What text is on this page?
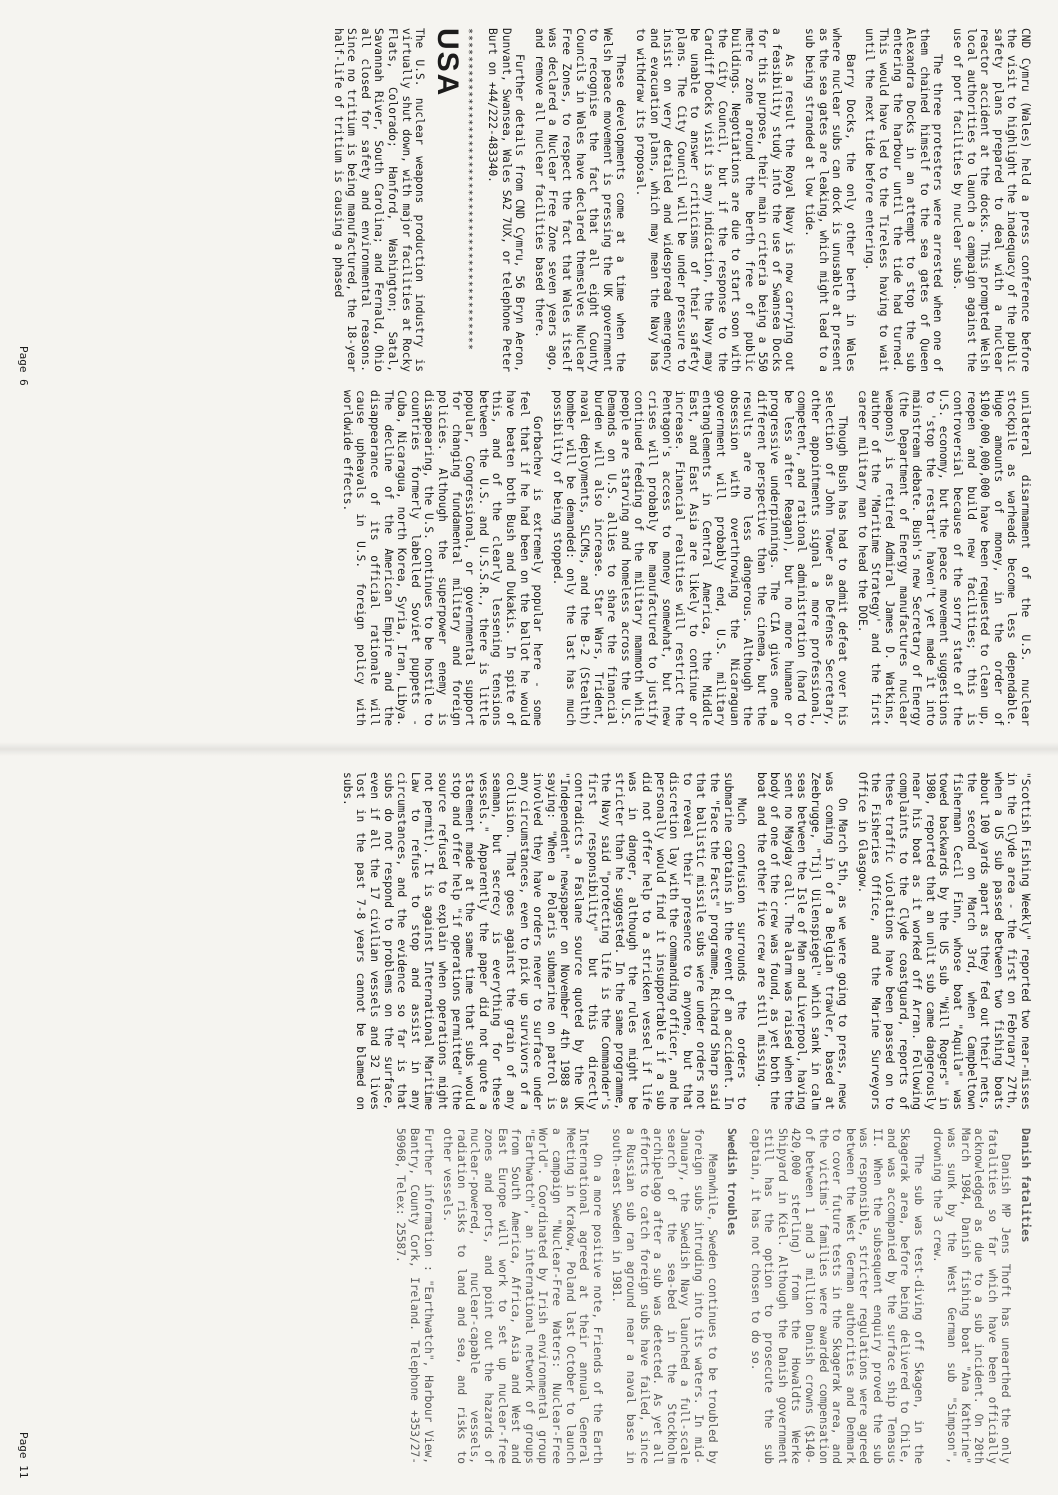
CND Cymru (Wales) held a press conference before the visit to highlight the inadequacy of the public safety plans prepared to deal with a nuclear reactor accident at the docks. This prompted Welsh local authorities to launch a campaign against the use of port facilities by nuclear subs.

The three protesters were arrested when one of them chained himself to the sea gates of Queen Alexandra Docks in an attempt to stop the sub entering the harbour until the tide had turned. This would have led to the Tireless having to wait until the next tide before entering.

Barry Docks, the only other berth in Wales where nuclear subs can dock is unusable at present as the sea gates are leaking, which might lead to a sub being stranded at low tide.

As a result the Royal Navy is now carrying out a feasibility study into the use of Swansea Docks for this purpose, their main criteria being a 550 metre zone around the berth free of public buildings. Negotiations are due to start soon with the City Council, but if the response to the Cardiff Docks visit is any indication, the Navy may be unable to answer criticisms of their safety plans. The City Council will be under pressure to insist on very detailed and widespread emergency and evacuation plans, which may mean the Navy has to withdraw its proposal.

These developments come at a time when the Welsh peace movement is pressing the UK government to recognise the fact that all eight County Councils in Wales have declared themselves Nuclear Free Zones, to respect the fact that Wales itself was declared a Nuclear Free Zone seven years ago, and remove all nuclear facilities based there.

Further details from CND Cymru, 56 Bryn Aeron, Dunvant, Swansea, Wales SA2 7UX, or telephone Peter Burt on +44/222-483340.

**********************************************
USA

The U.S. nuclear weapons production industry is virtually shut down, with major facilities at Rocky Flats, Colorado; Hanford, Washington; Satal, Savannah River, South Carolina; and Fernald, Ohio all closed for safety and environmental reasons. Since no tritium is being manufactured, the 18-year half-life of tritium is causing a phased

unilateral disarmament of the U.S. nuclear stockpile as warheads become less dependable. Huge amounts of money, in the order of $100,000,000,000 have been requested to clean up, reopen and build new facilities; this is controversial because of the sorry state of the U.S. economy, but the peace movement suggestions to 'stop the restart' haven't yet made it into mainstream debate. Bush's new Secretary of Energy (the Department of Energy manufactures nuclear weapons) is retired Admiral James D. Watkins, author of the 'Maritime Strategy' and the first career military man to head the DOE.

Though Bush has had to admit defeat over his selection of John Tower as Defense Secretary, other appointments signal a more professional, competent, and rational administration (hard to be less after Reagan), but no more humane or progressive underpinnings. The CIA gives one a different perspective than the cinema, but the results are no less dangerous. Although the obsession with overthrowing the Nicaraguan government will probably end, U.S. military entanglements in Central America, the Middle East, and East Asia are likely to continue or increase. Financial realities will restrict the Pentagon's access to money somewhat, but new crises will probably be manufactured to justify continued feeding of the military mammoth while people are starving and homeless across the U.S. Demands on U.S. allies to share the financial burden will also increase. Star Wars, Trident, naval deployments, SLCMs, and the B-2 (Stealth) bomber will be demanded: only the last has much possibility of being stopped.

Gorbachev is extremely popular here - some feel that if he had been on the ballot he would have beaten both Bush and Dukakis. In spite of this, and of the clearly lessening tensions between the U.S. and U.S.S.R., there is little popular, Congressional, or governmental support for changing fundamental military and foreign policies. Although the superpower enemy is disappearing, the U.S. continues to be hostile to countries formerly labelled Soviet puppets - Cuba, Nicaragua, north Korea, Syria, Iran, Libya. The decline of the American Empire and the disappearance of its official rationale will cause upheavals in U.S. foreign policy with worldwide effects.

Page 6

"Scottish Fishing Weekly" reported two near-misses in the Clyde area - the first on February 27th, when a US sub passed between two fishing boats about 100 yards apart as they fed out their nets, the second on March 3rd, when Campbeltown fisherman Cecil Finn, whose boat "Aquila" was towed backwards by the US sub "Will Rogers" in 1980, reported that an unlit sub came dangerously near his boat as it worked off Arran. Following complaints to the Clyde coastguard, reports of these traffic violations have been passed on to the Fisheries Office, and the Marine Surveyors Office in Glasgow.

On March 5th, as we were going to press, news was coming in of a Belgian trawler, based at Zeebrugge, "Tijl Uilenspiegel" which sank in calm seas between the Isle of Man and Liverpool, having sent no Mayday call. The alarm was raised when the body of one of the crew was found, as yet both the boat and the other five crew are still missing.

Much confusion surrounds the orders to submarine captains in the event of an accident. In the "Face the Facts" programme, Richard Sharp said that ballistic missile subs were under orders not to reveal their presence to anyone, but that discretion lay with the commanding officer, and he personally would find it insupportable if a sub did not offer help to a stricken vessel if life was in danger, although the rules might be stricter than he suggested. In the same programme, the Navy said "protecting life is the Commander's first responsibility" but this directly contradicts a Faslane source quoted by the UK "Independent" newspaper on November 4th 1988 as saying: "When a Polaris submarine on patrol is involved they have orders never to surface under any circumstances, even to pick up survivors of a collision. That goes against the grain of any seaman, but secrecy is everything for these vessels." Apparently the paper did not quote a statement made at the same time that subs would stop and offer help "if operations permitted" (the source refused to explain when operations might not permit). It is against International Maritime Law to refuse to stop and assist in any circumstances, and the evidence so far is that subs do not respond to problems on the surface, even if all the 17 civilian vessels and 32 lives lost in the past 7-8 years cannot be blamed on subs.

Danish fatalities

Danish MP Jens Thoft has unearthed the only fatalities so far which have been officially acknowledged as due to a sub incident. On 20th March 1984, Danish fishing boat "Ana Kathrine" was sunk by the West German sub "Simpson", drowning the 3 crew.

The sub was test-diving off Skagen, in the Skagerak area, before being delivered to Chile, and was accompanied by the surface ship Tenasus II. When the subsequent enquiry proved the sub was responsible, stricter regulations were agreed between the West German authorities and Denmark to cover future tests in the Skagerak area, and the victims' families were awarded compensation of between 1 and 3 million Danish crowns ($140-420,000 sterling) from the Howaldts Werke Shipyard in Kiel. Although the Danish government still has the option to prosecute the sub captain, it has not chosen to do so.

Swedish troubles

Meanwhile, Sweden continues to be troubled by foreign subs intruding into its waters. In mid-January, the Swedish Navy launched a full-scale search of the sea-bed in the Stockholm archipelago after a sub was detected. As yet all efforts to catch foreign subs have failed, since a Russian sub ran aground near a naval base in south-east Sweden in 1981.

On a more positive note, Friends of the Earth International agreed at their annual General Meeting in Krakow, Poland last October to launch a campaign "Nuclear-Free Waters: Nuclear-Free World". Coordinated by Irish environmental group "Earthwatch", an international network of groups from South America, Africa, Asia and West and East Europe will work to set up nuclear-free zones and ports, and point out the hazards of nuclear-powered, nuclear-capable vessels, radiation risks to land and sea, and risks to other vessels.

Further information : "Earthwatch", Harbour View, Bantry, County Cork, Ireland. Telephone +353/27-50968, Telex: 25587.

Page 11
